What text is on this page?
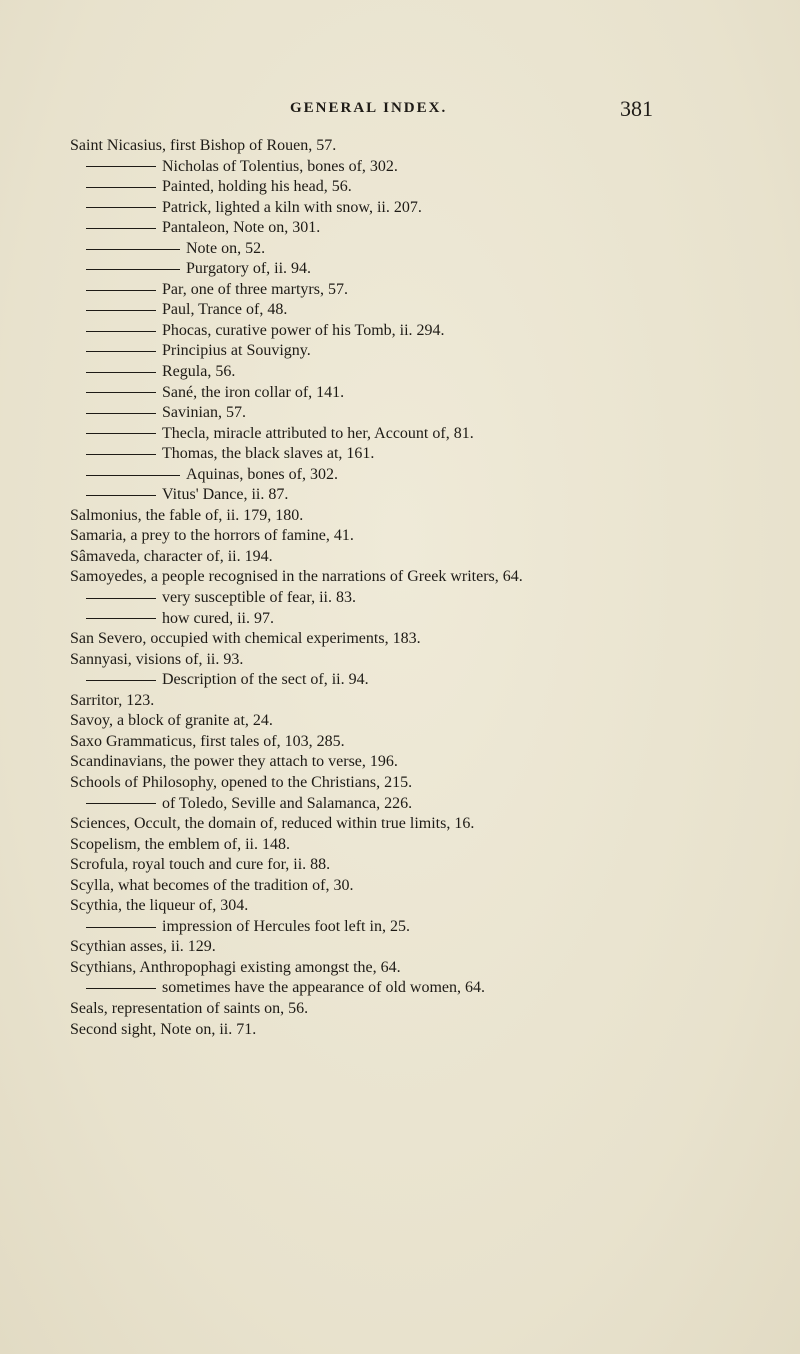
GENERAL INDEX.	381
Saint Nicasius, first Bishop of Rouen, 57.
Nicholas of Tolentius, bones of, 302.
Painted, holding his head, 56.
Patrick, lighted a kiln with snow, ii. 207.
Pantaleon, Note on, 301.
Note on, 52.
Purgatory of, ii. 94.
Par, one of three martyrs, 57.
Paul, Trance of, 48.
Phocas, curative power of his Tomb, ii. 294.
Principius at Souvigny.
Regula, 56.
Sané, the iron collar of, 141.
Savinian, 57.
Thecla, miracle attributed to her, Account of, 81.
Thomas, the black slaves at, 161.
Aquinas, bones of, 302.
Vitus' Dance, ii. 87.
Salmonius, the fable of, ii. 179, 180.
Samaria, a prey to the horrors of famine, 41.
Sâmaveda, character of, ii. 194.
Samoyedes, a people recognised in the narrations of Greek writers, 64.
very susceptible of fear, ii. 83.
how cured, ii. 97.
San Severo, occupied with chemical experiments, 183.
Sannyasi, visions of, ii. 93.
Description of the sect of, ii. 94.
Sarritor, 123.
Savoy, a block of granite at, 24.
Saxo Grammaticus, first tales of, 103, 285.
Scandinavians, the power they attach to verse, 196.
Schools of Philosophy, opened to the Christians, 215.
of Toledo, Seville and Salamanca, 226.
Sciences, Occult, the domain of, reduced within true limits, 16.
Scopelism, the emblem of, ii. 148.
Scrofula, royal touch and cure for, ii. 88.
Scylla, what becomes of the tradition of, 30.
Scythia, the liqueur of, 304.
impression of Hercules foot left in, 25.
Scythian asses, ii. 129.
Scythians, Anthropophagi existing amongst the, 64.
sometimes have the appearance of old women, 64.
Seals, representation of saints on, 56.
Second sight, Note on, ii. 71.
